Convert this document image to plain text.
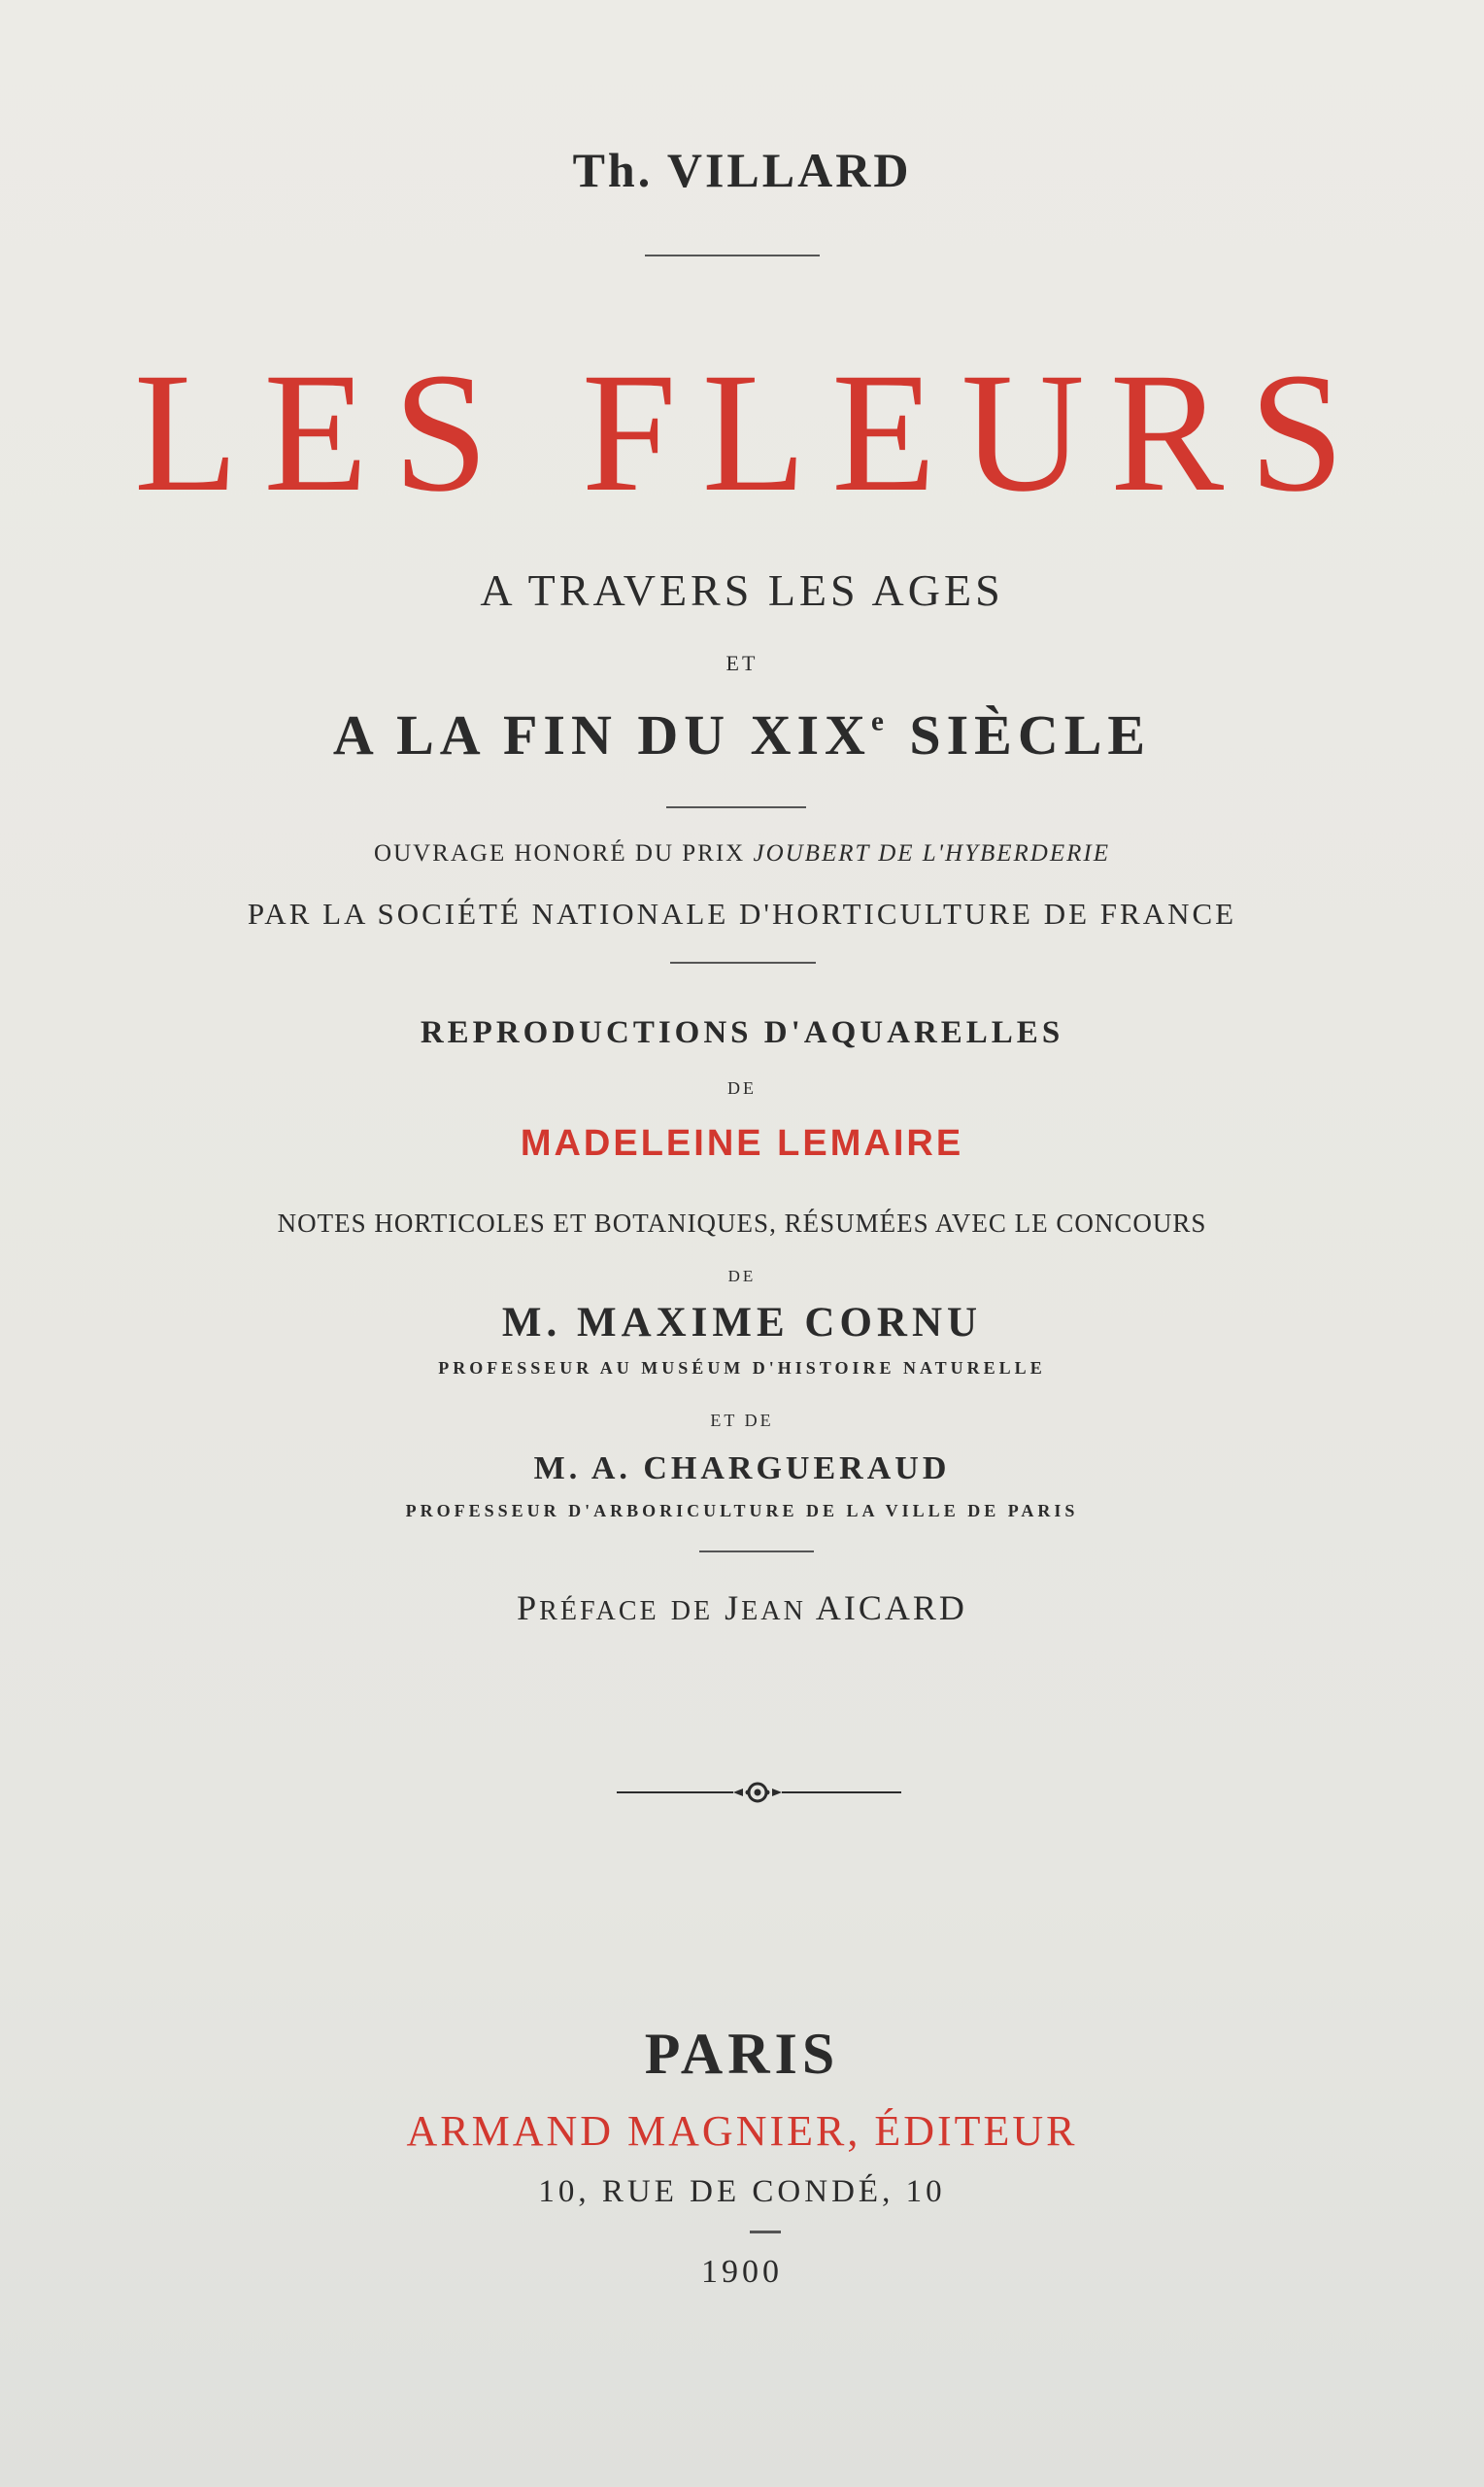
Th. VILLARD
LES FLEURS
A TRAVERS LES AGES
ET
A LA FIN DU XIXe SIÈCLE
OUVRAGE HONORÉ DU PRIX JOUBERT DE L'HYBERDERIE
PAR LA SOCIÉTÉ NATIONALE D'HORTICULTURE DE FRANCE
REPRODUCTIONS D'AQUARELLES
DE
MADELEINE LEMAIRE
NOTES HORTICOLES ET BOTANIQUES, RÉSUMÉES AVEC LE CONCOURS
DE
M. MAXIME CORNU
PROFESSEUR AU MUSÉUM D'HISTOIRE NATURELLE
ET DE
M. A. CHARGUERAUD
PROFESSEUR D'ARBORICULTURE DE LA VILLE DE PARIS
PRÉFACE DE JEAN AICARD
PARIS
ARMAND MAGNIER, ÉDITEUR
10, RUE DE CONDÉ, 10
1900
